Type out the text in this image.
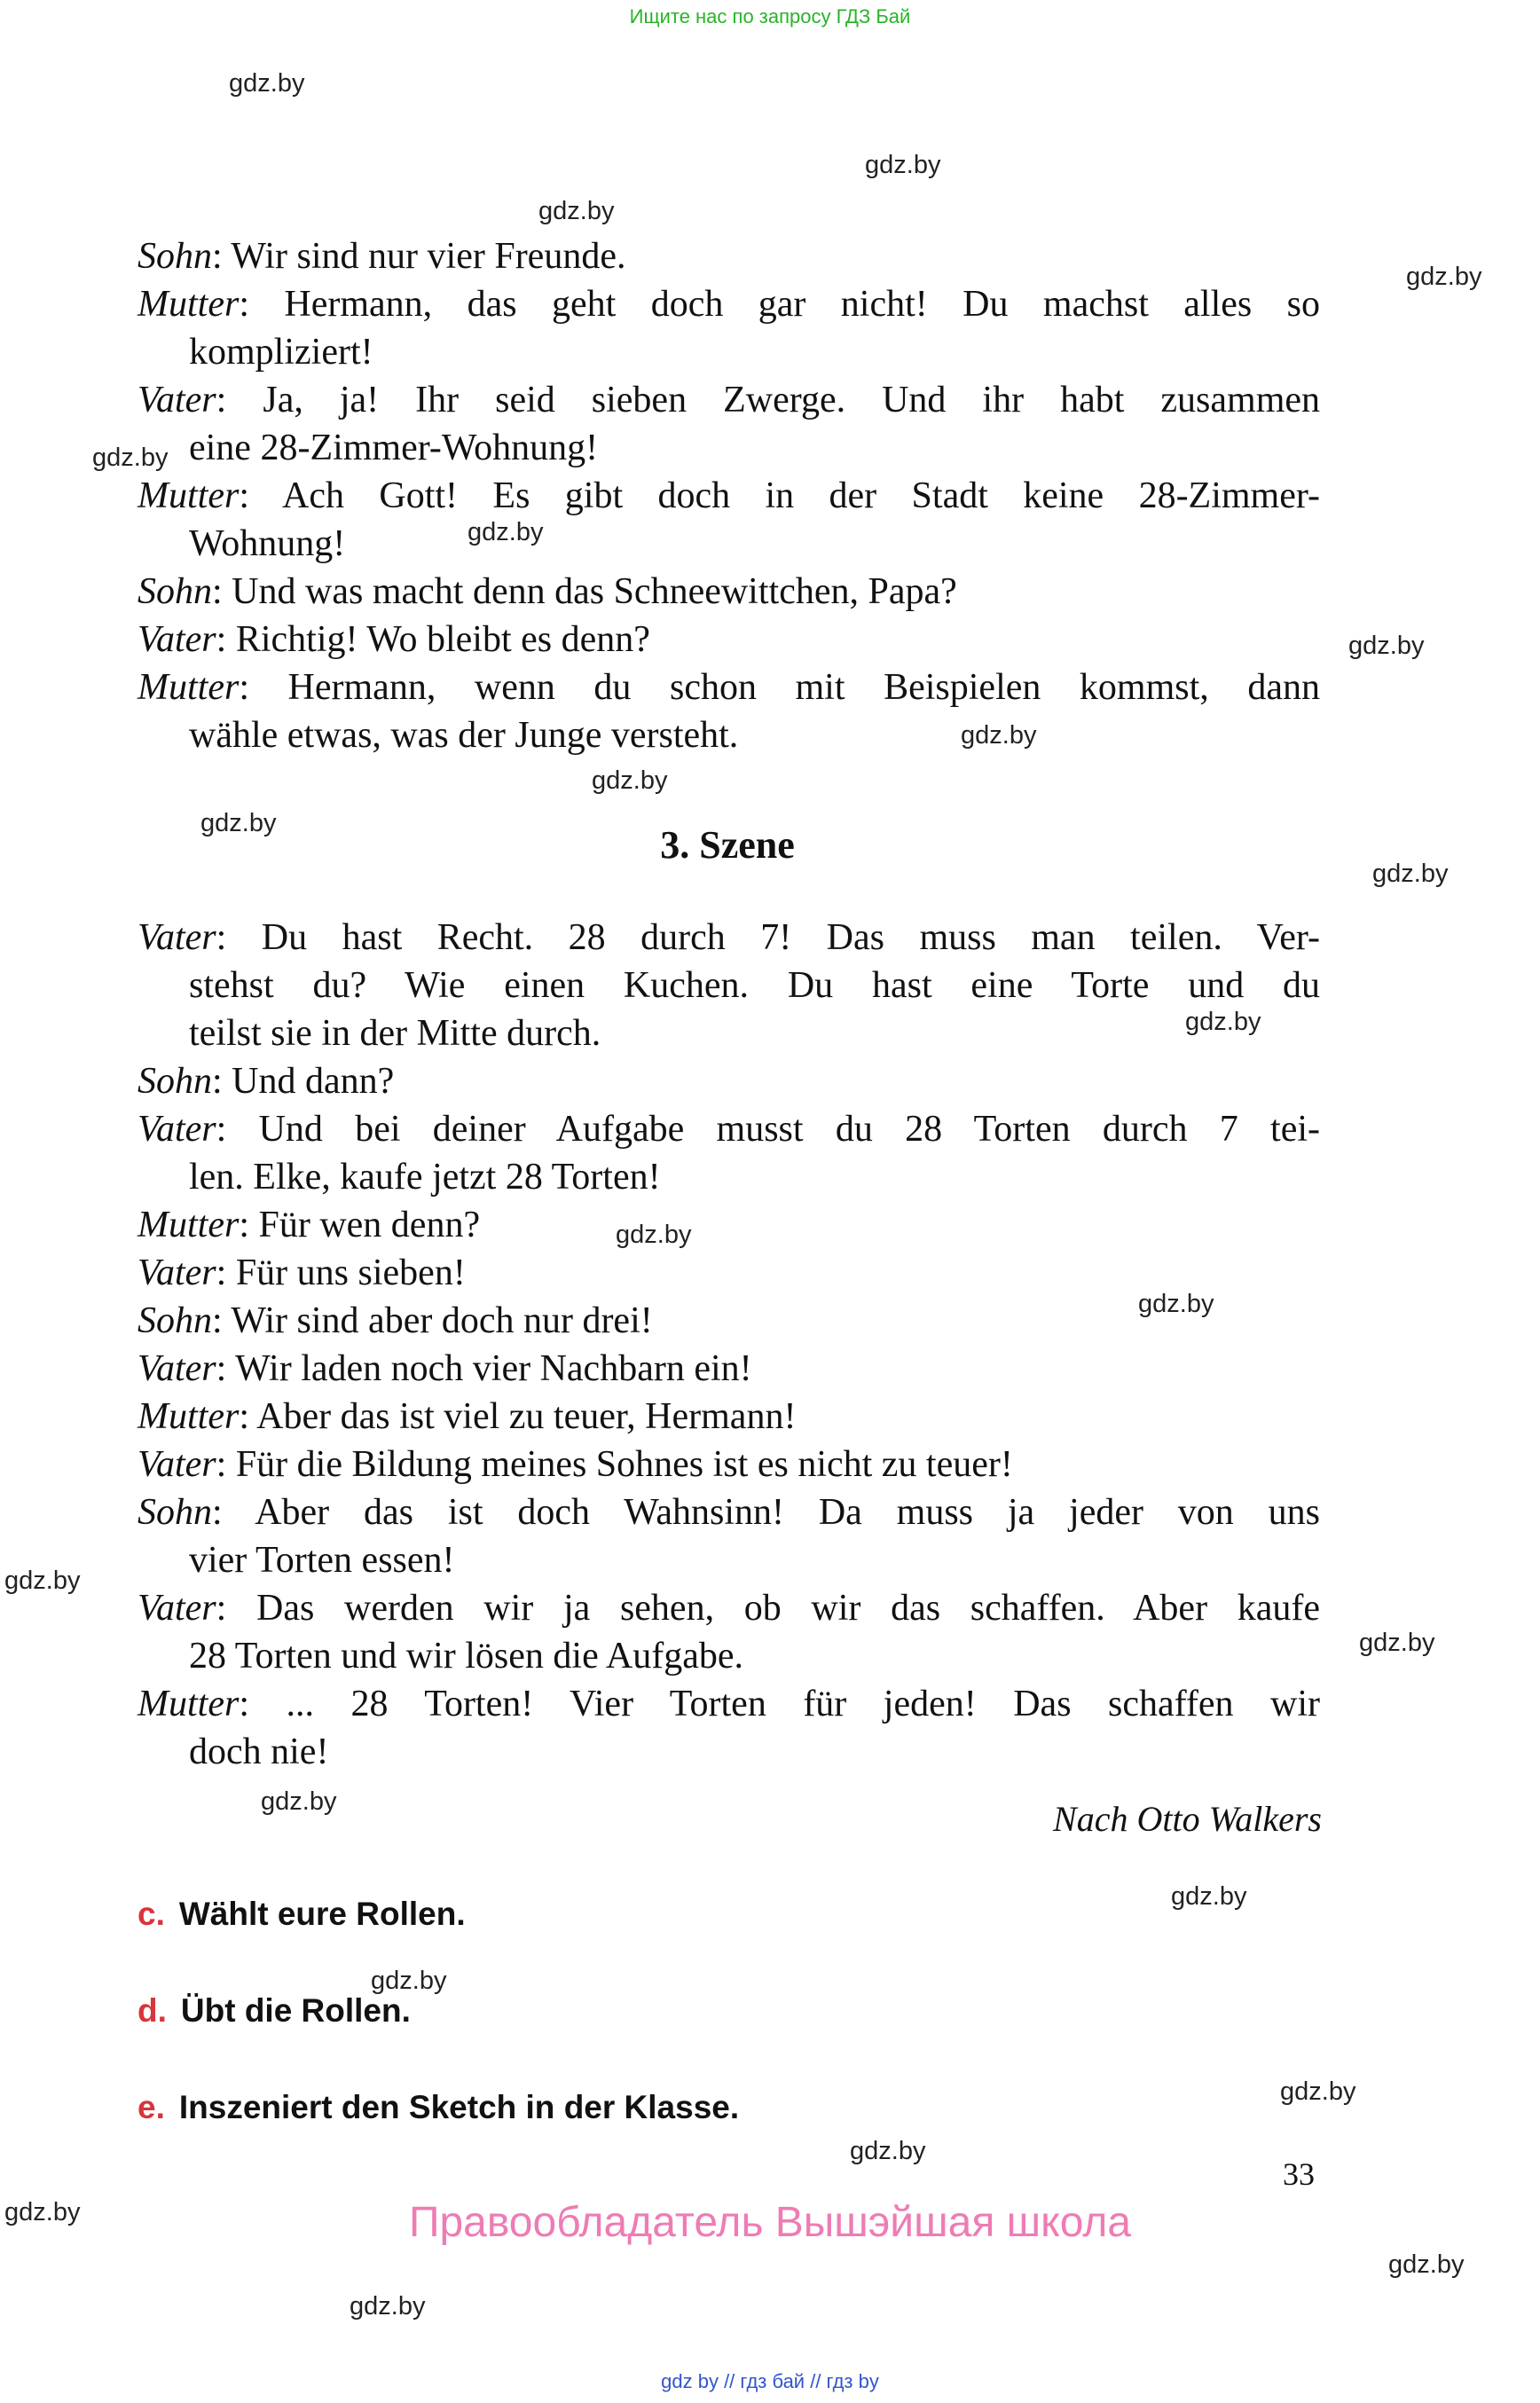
Ищите нас по запросу ГДЗ Бай
gdz.by
gdz.by
gdz.by
gdz.by
gdz.by
gdz.by
gdz.by
gdz.by
gdz.by
gdz.by
gdz.by
gdz.by
gdz.by
gdz.by
gdz.by
gdz.by
gdz.by
gdz.by
gdz.by
gdz.by
gdz.by
gdz.by
gdz.by
gdz.by
Sohn: Wir sind nur vier Freunde.
Mutter: Hermann, das geht doch gar nicht! Du machst alles so
kompliziert!
Vater: Ja, ja! Ihr seid sieben Zwerge. Und ihr habt zusammen
eine 28-Zimmer-Wohnung!
Mutter: Ach Gott! Es gibt doch in der Stadt keine 28-Zimmer-
Wohnung!
Sohn: Und was macht denn das Schneewittchen, Papa?
Vater: Richtig! Wo bleibt es denn?
Mutter: Hermann, wenn du schon mit Beispielen kommst, dann
wähle etwas, was der Junge versteht.
3. Szene
Vater: Du hast Recht. 28 durch 7! Das muss man teilen. Ver-
stehst du? Wie einen Kuchen. Du hast eine Torte und du
teilst sie in der Mitte durch.
Sohn: Und dann?
Vater: Und bei deiner Aufgabe musst du 28 Torten durch 7 tei-
len. Elke, kaufe jetzt 28 Torten!
Mutter: Für wen denn?
Vater: Für uns sieben!
Sohn: Wir sind aber doch nur drei!
Vater: Wir laden noch vier Nachbarn ein!
Mutter: Aber das ist viel zu teuer, Hermann!
Vater: Für die Bildung meines Sohnes ist es nicht zu teuer!
Sohn: Aber das ist doch Wahnsinn! Da muss ja jeder von uns
vier Torten essen!
Vater: Das werden wir ja sehen, ob wir das schaffen. Aber kaufe
28 Torten und wir lösen die Aufgabe.
Mutter: ... 28 Torten! Vier Torten für jeden! Das schaffen wir
doch nie!
Nach Otto Walkers
c. Wählt eure Rollen.
d. Übt die Rollen.
e. Inszeniert den Sketch in der Klasse.
33
Правообладатель Вышэйшая школа
gdz by // гдз бай // гдз by
